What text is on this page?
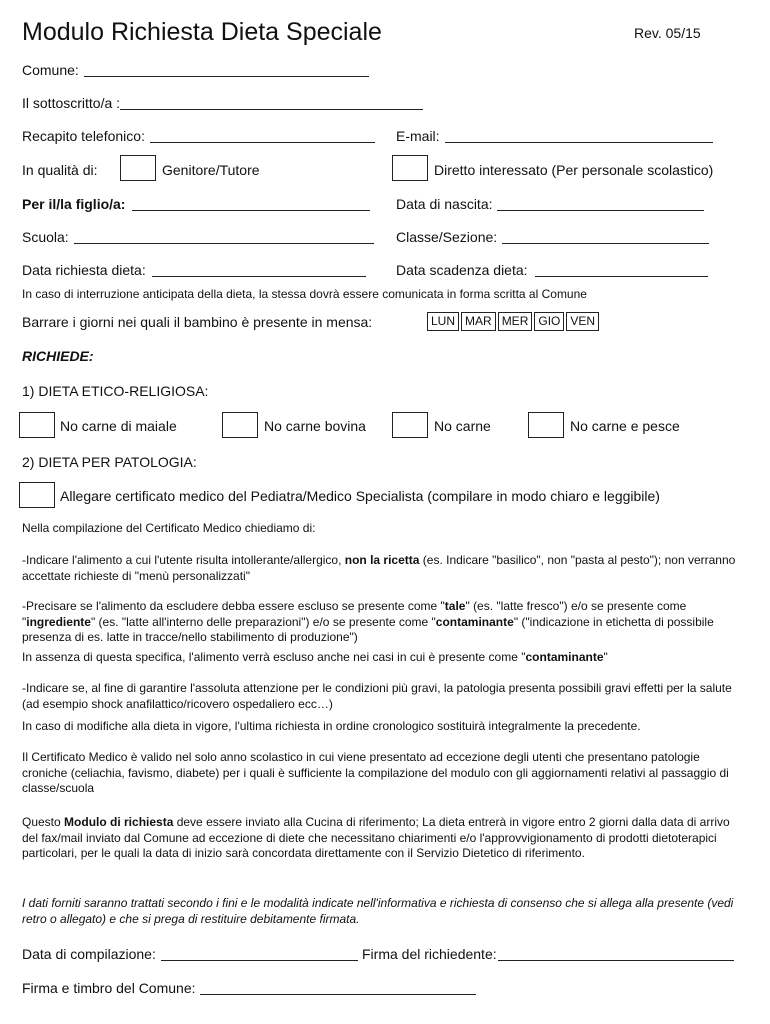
Modulo Richiesta Dieta Speciale	Rev. 05/15
Comune:
Il sottoscritto/a :
Recapito telefonico:	E-mail:
In qualità di:	Genitore/Tutore	Diretto interessato (Per personale scolastico)
Per il/la figlio/a:	Data di nascita:
Scuola:	Classe/Sezione:
Data richiesta dieta:	Data scadenza dieta:
In caso di interruzione anticipata della dieta, la stessa dovrà essere comunicata in forma scritta al Comune
Barrare i giorni nei quali il bambino è presente in mensa:	LUN MAR MER GIO VEN
RICHIEDE:
1) DIETA ETICO-RELIGIOSA:
No carne di maiale	No carne bovina	No carne	No carne e pesce
2) DIETA PER PATOLOGIA:
Allegare certificato medico del Pediatra/Medico Specialista (compilare in modo chiaro e leggibile)
Nella compilazione del Certificato Medico chiediamo di:
-Indicare l'alimento a cui l'utente risulta intollerante/allergico, non la ricetta (es. Indicare "basilico", non "pasta al pesto"); non verranno accettate richieste di "menù personalizzati"
-Precisare se l'alimento da escludere debba essere escluso se presente come "tale" (es. "latte fresco") e/o se presente come "ingrediente" (es. "latte all'interno delle preparazioni") e/o se presente come "contaminante" ("indicazione in etichetta di possibile presenza di es. latte in tracce/nello stabilimento di produzione")
In assenza di questa specifica, l'alimento verrà escluso anche nei casi in cui è presente come "contaminante"
-Indicare se, al fine di garantire l'assoluta attenzione per le condizioni più gravi, la patologia presenta possibili gravi effetti per la salute (ad esempio shock anafilattico/ricovero ospedaliero ecc…)
In caso di modifiche alla dieta in vigore, l'ultima richiesta in ordine cronologico sostituirà integralmente la precedente.
Il Certificato Medico è valido nel solo anno scolastico in cui viene presentato ad eccezione degli utenti che presentano patologie croniche (celiachia, favismo, diabete) per i quali è sufficiente la compilazione del modulo con gli aggiornamenti relativi al passaggio di classe/scuola
Questo Modulo di richiesta deve essere inviato alla Cucina di riferimento; La dieta entrerà in vigore entro 2 giorni dalla data di arrivo del fax/mail inviato dal Comune ad eccezione di diete che necessitano chiarimenti e/o l'approvvigionamento di prodotti dietoterapici particolari, per le quali la data di inizio sarà concordata direttamente con il Servizio Dietetico di riferimento.
I dati forniti saranno trattati secondo i fini e le modalità indicate nell'informativa e richiesta di consenso che si allega alla presente (vedi retro o allegato) e che si prega di restituire debitamente firmata.
Data di compilazione:	Firma del richiedente:
Firma e timbro del Comune:
